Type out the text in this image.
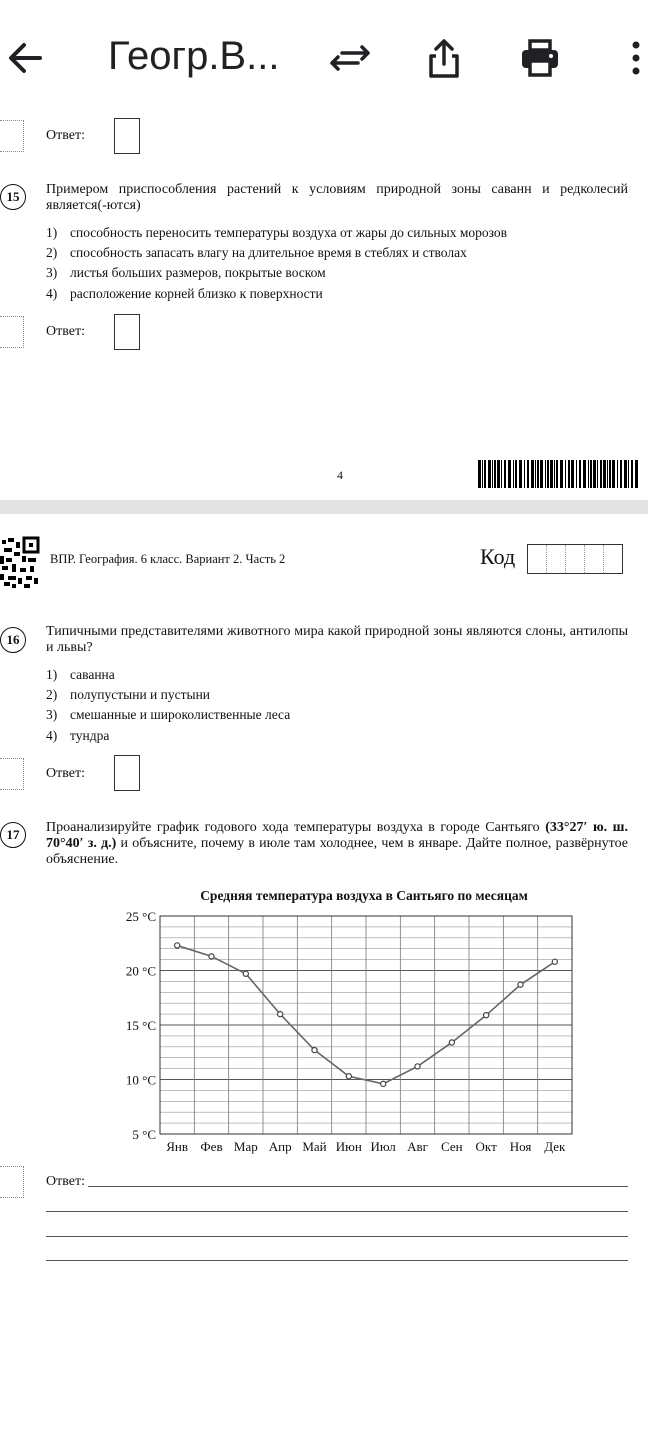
Геогр.В...
Ответ:
15	Примером приспособления растений к условиям природной зоны саванн и редколесий является(-ются)
1) способность переносить температуры воздуха от жары до сильных морозов
2) способность запасать влагу на длительное время в стеблях и стволах
3) листья больших размеров, покрытые воском
4) расположение корней близко к поверхности
Ответ:
4
ВПР. География. 6 класс. Вариант 2. Часть 2	Код
16
Типичными представителями животного мира какой природной зоны являются слоны, антилопы и львы?
1) саванна
2) полупустыни и пустыни
3) смешанные и широколиственные леса
4) тундра
Ответ:
17	Проанализируйте график годового хода температуры воздуха в городе Сантьяго (33°27′ ю. ш. 70°40′ з. д.) и объясните, почему в июле там холоднее, чем в январе. Дайте полное, развёрнутое объяснение.
5 °C
10 °C
15 °C
20 °C
25 °C
Янв Фев Мар Апр Май Июн Июл Авг Сен Окт Ноя Дек
Средняя температура воздуха в Сантьяго по месяцам
Ответ:
